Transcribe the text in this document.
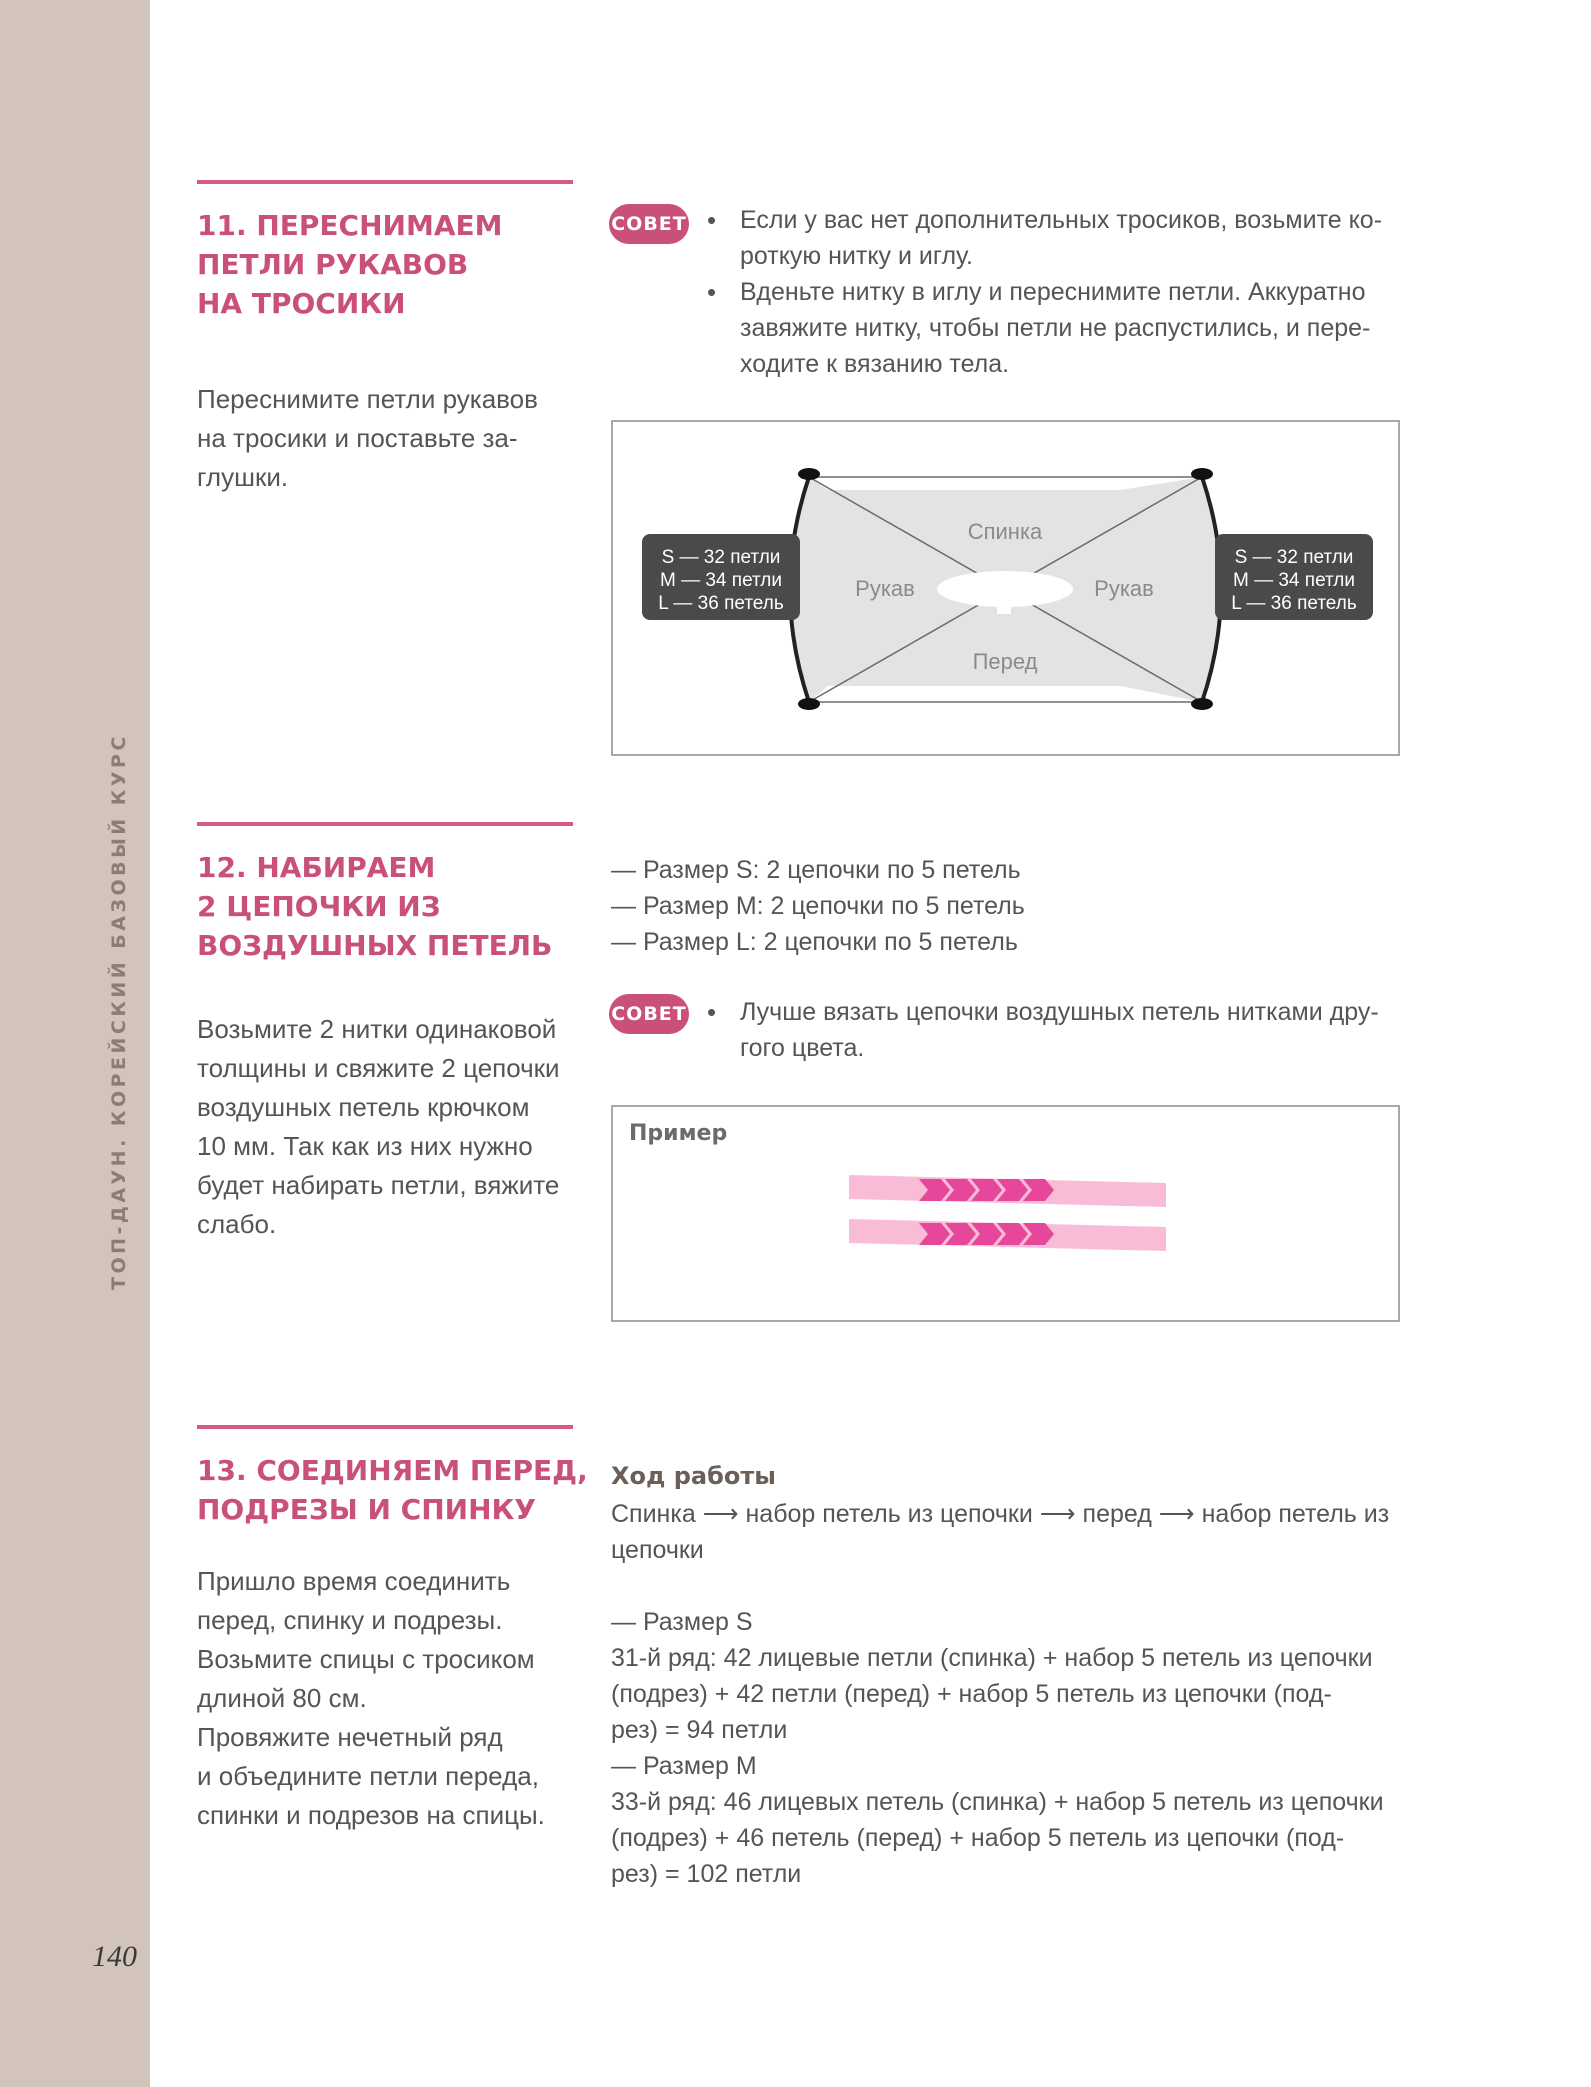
ТОП-ДАУН. КОРЕЙСКИЙ БАЗОВЫЙ КУРС
140
11. ПЕРЕСНИМАЕМ
ПЕТЛИ РУКАВОВ
НА ТРОСИКИ

Переснимите петли рукавов
на тросики и поставьте за-
глушки.

СОВЕТ • Если у вас нет дополнительных тросиков, возьмите ко-
роткую нитку и иглу.
• Вденьте нитку в иглу и переснимите петли. Аккуратно
завяжите нитку, чтобы петли не распустились, и пере-
ходите к вязанию тела.
Спинка
Перед
Рукав	Рукав
S — 32 петли
M — 34 петли
L — 36 петель
S — 32 петли
M — 34 петли
L — 36 петель
12. НАБИРАЕМ
2 ЦЕПОЧКИ ИЗ
ВОЗДУШНЫХ ПЕТЕЛЬ

Возьмите 2 нитки одинаковой
толщины и свяжите 2 цепочки
воздушных петель крючком
10 мм. Так как из них нужно
будет набирать петли, вяжите
слабо.

— Размер S: 2 цепочки по 5 петель
— Размер M: 2 цепочки по 5 петель
— Размер L: 2 цепочки по 5 петель
СОВЕТ • Лучше вязать цепочки воздушных петель нитками дру-
гого цвета.
Пример
13. СОЕДИНЯЕМ ПЕРЕД,
ПОДРЕЗЫ И СПИНКУ

Пришло время соединить
перед, спинку и подрезы.
Возьмите спицы с тросиком
длиной 80 см.
Провяжите нечетный ряд
и объедините петли переда,
спинки и подрезов на спицы.

Ход работы
Спинка ⟶ набор петель из цепочки ⟶ перед ⟶ набор петель из
цепочки
— Размер S
31-й ряд: 42 лицевые петли (спинка) + набор 5 петель из цепочки
(подрез) + 42 петли (перед) + набор 5 петель из цепочки (под-
рез) = 94 петли
— Размер M
33-й ряд: 46 лицевых петель (спинка) + набор 5 петель из цепочки
(подрез) + 46 петель (перед) + набор 5 петель из цепочки (под-
рез) = 102 петли
